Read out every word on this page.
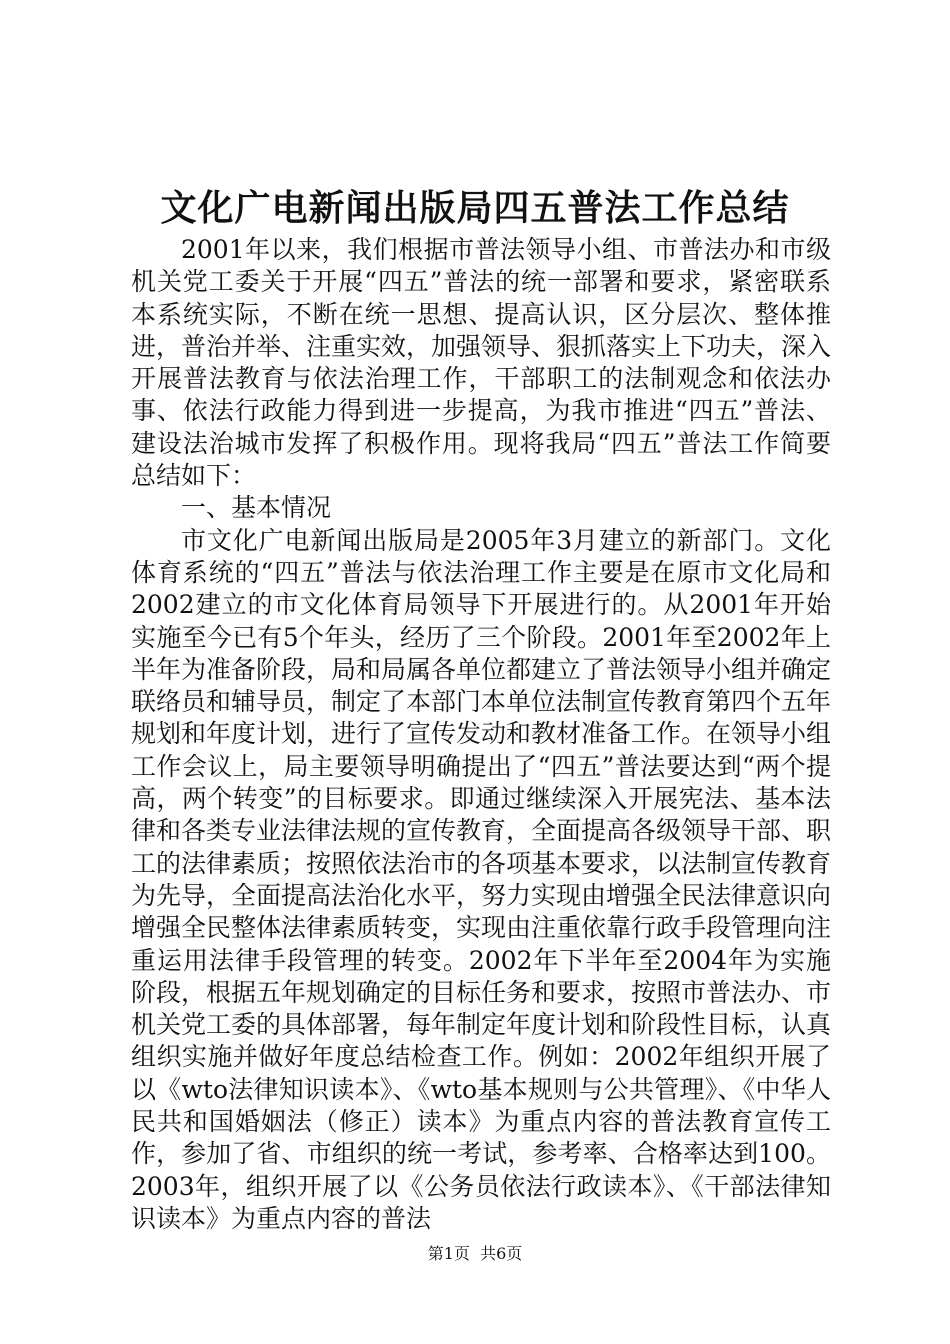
文化广电新闻出版局四五普法工作总结

2001年以来，我们根据市普法领导小组、市普法办和市级机关党工委关于开展“四五”普法的统一部署和要求，紧密联系本系统实际，不断在统一思想、提高认识，区分层次、整体推进，普治并举、注重实效，加强领导、狠抓落实上下功夫，深入开展普法教育与依法治理工作，干部职工的法制观念和依法办事、依法行政能力得到进一步提高，为我市推进“四五”普法、建设法治城市发挥了积极作用。现将我局“四五”普法工作简要总结如下：

一、基本情况

市文化广电新闻出版局是2005年3月建立的新部门。文化体育系统的“四五”普法与依法治理工作主要是在原市文化局和2002建立的市文化体育局领导下开展进行的。从2001年开始实施至今已有5个年头，经历了三个阶段。2001年至2002年上半年为准备阶段，局和局属各单位都建立了普法领导小组并确定联络员和辅导员，制定了本部门本单位法制宣传教育第四个五年规划和年度计划，进行了宣传发动和教材准备工作。在领导小组工作会议上，局主要领导明确提出了“四五”普法要达到“两个提高，两个转变”的目标要求。即通过继续深入开展宪法、基本法律和各类专业法律法规的宣传教育，全面提高各级领导干部、职工的法律素质；按照依法治市的各项基本要求，以法制宣传教育为先导，全面提高法治化水平，努力实现由增强全民法律意识向增强全民整体法律素质转变，实现由注重依靠行政手段管理向注重运用法律手段管理的转变。2002年下半年至2004年为实施阶段，根据五年规划确定的目标任务和要求，按照市普法办、市机关党工委的具体部署，每年制定年度计划和阶段性目标，认真组织实施并做好年度总结检查工作。例如：2002年组织开展了以《wto法律知识读本》、《wto基本规则与公共管理》、《中华人民共和国婚姻法（修正）读本》为重点内容的普法教育宣传工作，参加了省、市组织的统一考试，参考率、合格率达到100。2003年，组织开展了以《公务员依法行政读本》、《干部法律知识读本》为重点内容的普法

第1页 共6页
